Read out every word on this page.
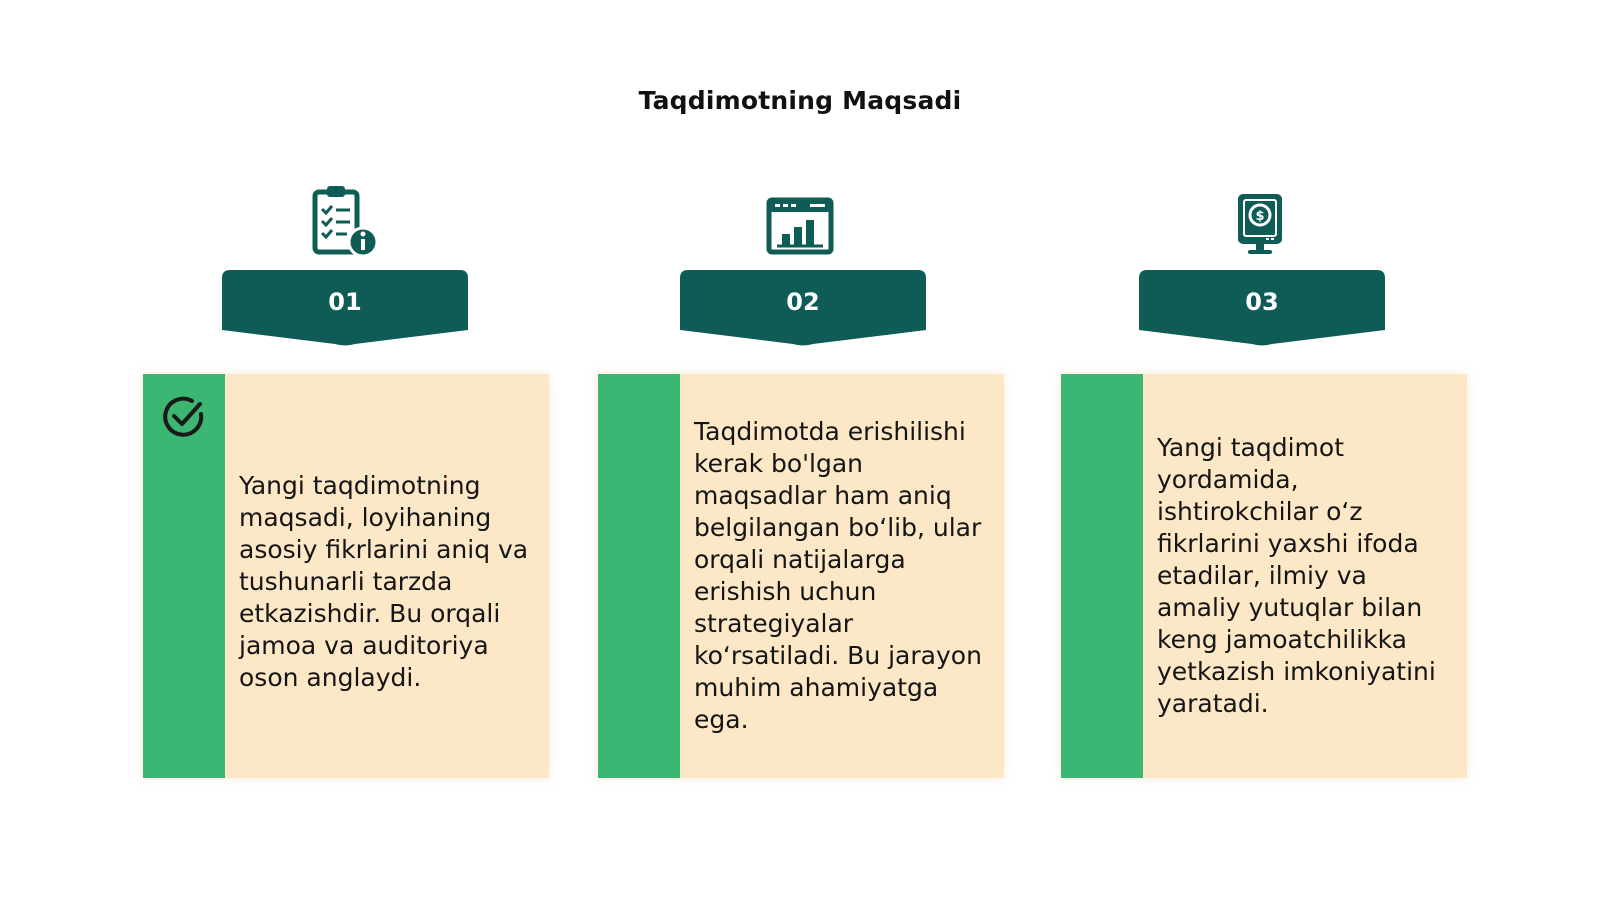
Taqdimotning Maqsadi
$
01	02	03
Yangi taqdimotning maqsadi, loyihaning asosiy fikrlarini aniq va tushunarli tarzda etkazishdir. Bu orqali jamoa va auditoriya oson anglaydi.
Taqdimotda erishilishi kerak bo'lgan maqsadlar ham aniq belgilangan bo‘lib, ular orqali natijalarga erishish uchun strategiyalar ko‘rsatiladi. Bu jarayon muhim ahamiyatga ega.
Yangi taqdimot yordamida, ishtirokchilar o‘z fikrlarini yaxshi ifoda etadilar, ilmiy va amaliy yutuqlar bilan keng jamoatchilikka yetkazish imkoniyatini yaratadi.
